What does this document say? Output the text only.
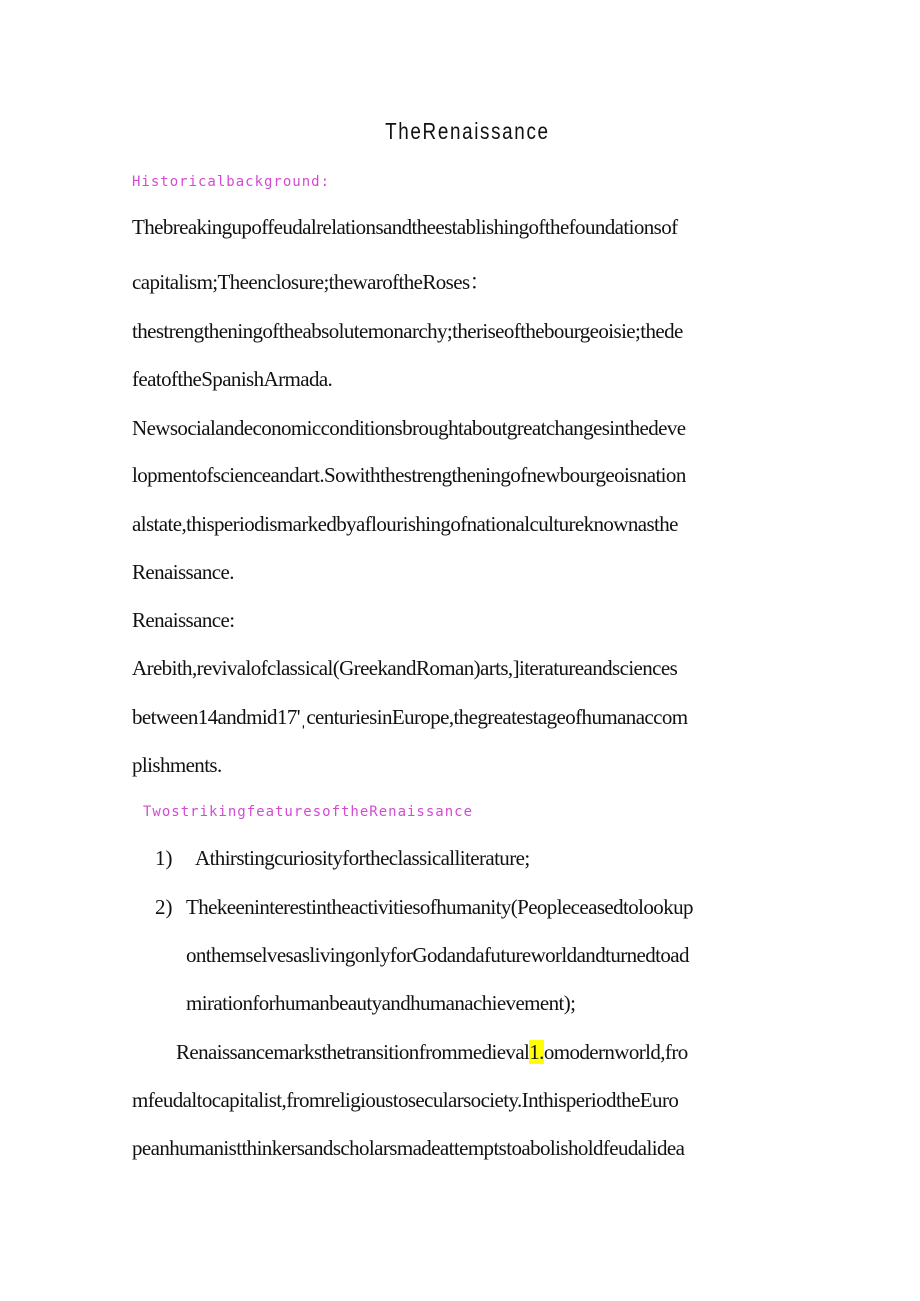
TheRenaissance
Historicalbackground:
Thebreakingupoffeudalrelationsandtheestablishingofthefoundationsof
capitalism;Theenclosure;thewaroftheRoses：
thestrengtheningoftheabsolutemonarchy;theriseofthebourgeoisie;thede
featoftheSpanishArmada.
Newsocialandeconomicconditionsbroughtaboutgreatchangesinthedeve
lopmentofscienceandart.Sowiththestrengtheningofnewbourgeoisnation
alstate,thisperiodismarkedbyaflourishingofnationalcultureknownasthe
Renaissance.
Renaissance:
Arebith,revivalofclassical(GreekandRoman)arts,]iteratureandsciences
between14andmid17'ˌcenturiesinEurope,thegreatestageofhumanaccom
plishments.
TwostrikingfeaturesoftheRenaissance
1) Athirstingcuriosityfortheclassicalliterature;
2) Thekeeninterestintheactivitiesofhumanity(Peopleceasedtolookup
onthemselvesaslivingonlyforGodandafutureworldandturnedtoad
mirationforhumanbeautyandhumanachievement);
Renaissancemarksthetransitionfrommedieval1.omodernworld,fro
mfeudaltocapitalist,fromreligioustosecularsociety.InthisperiodtheEuro
peanhumanistthinkersandscholarsmadeattemptstoabolisholdfeudalidea
